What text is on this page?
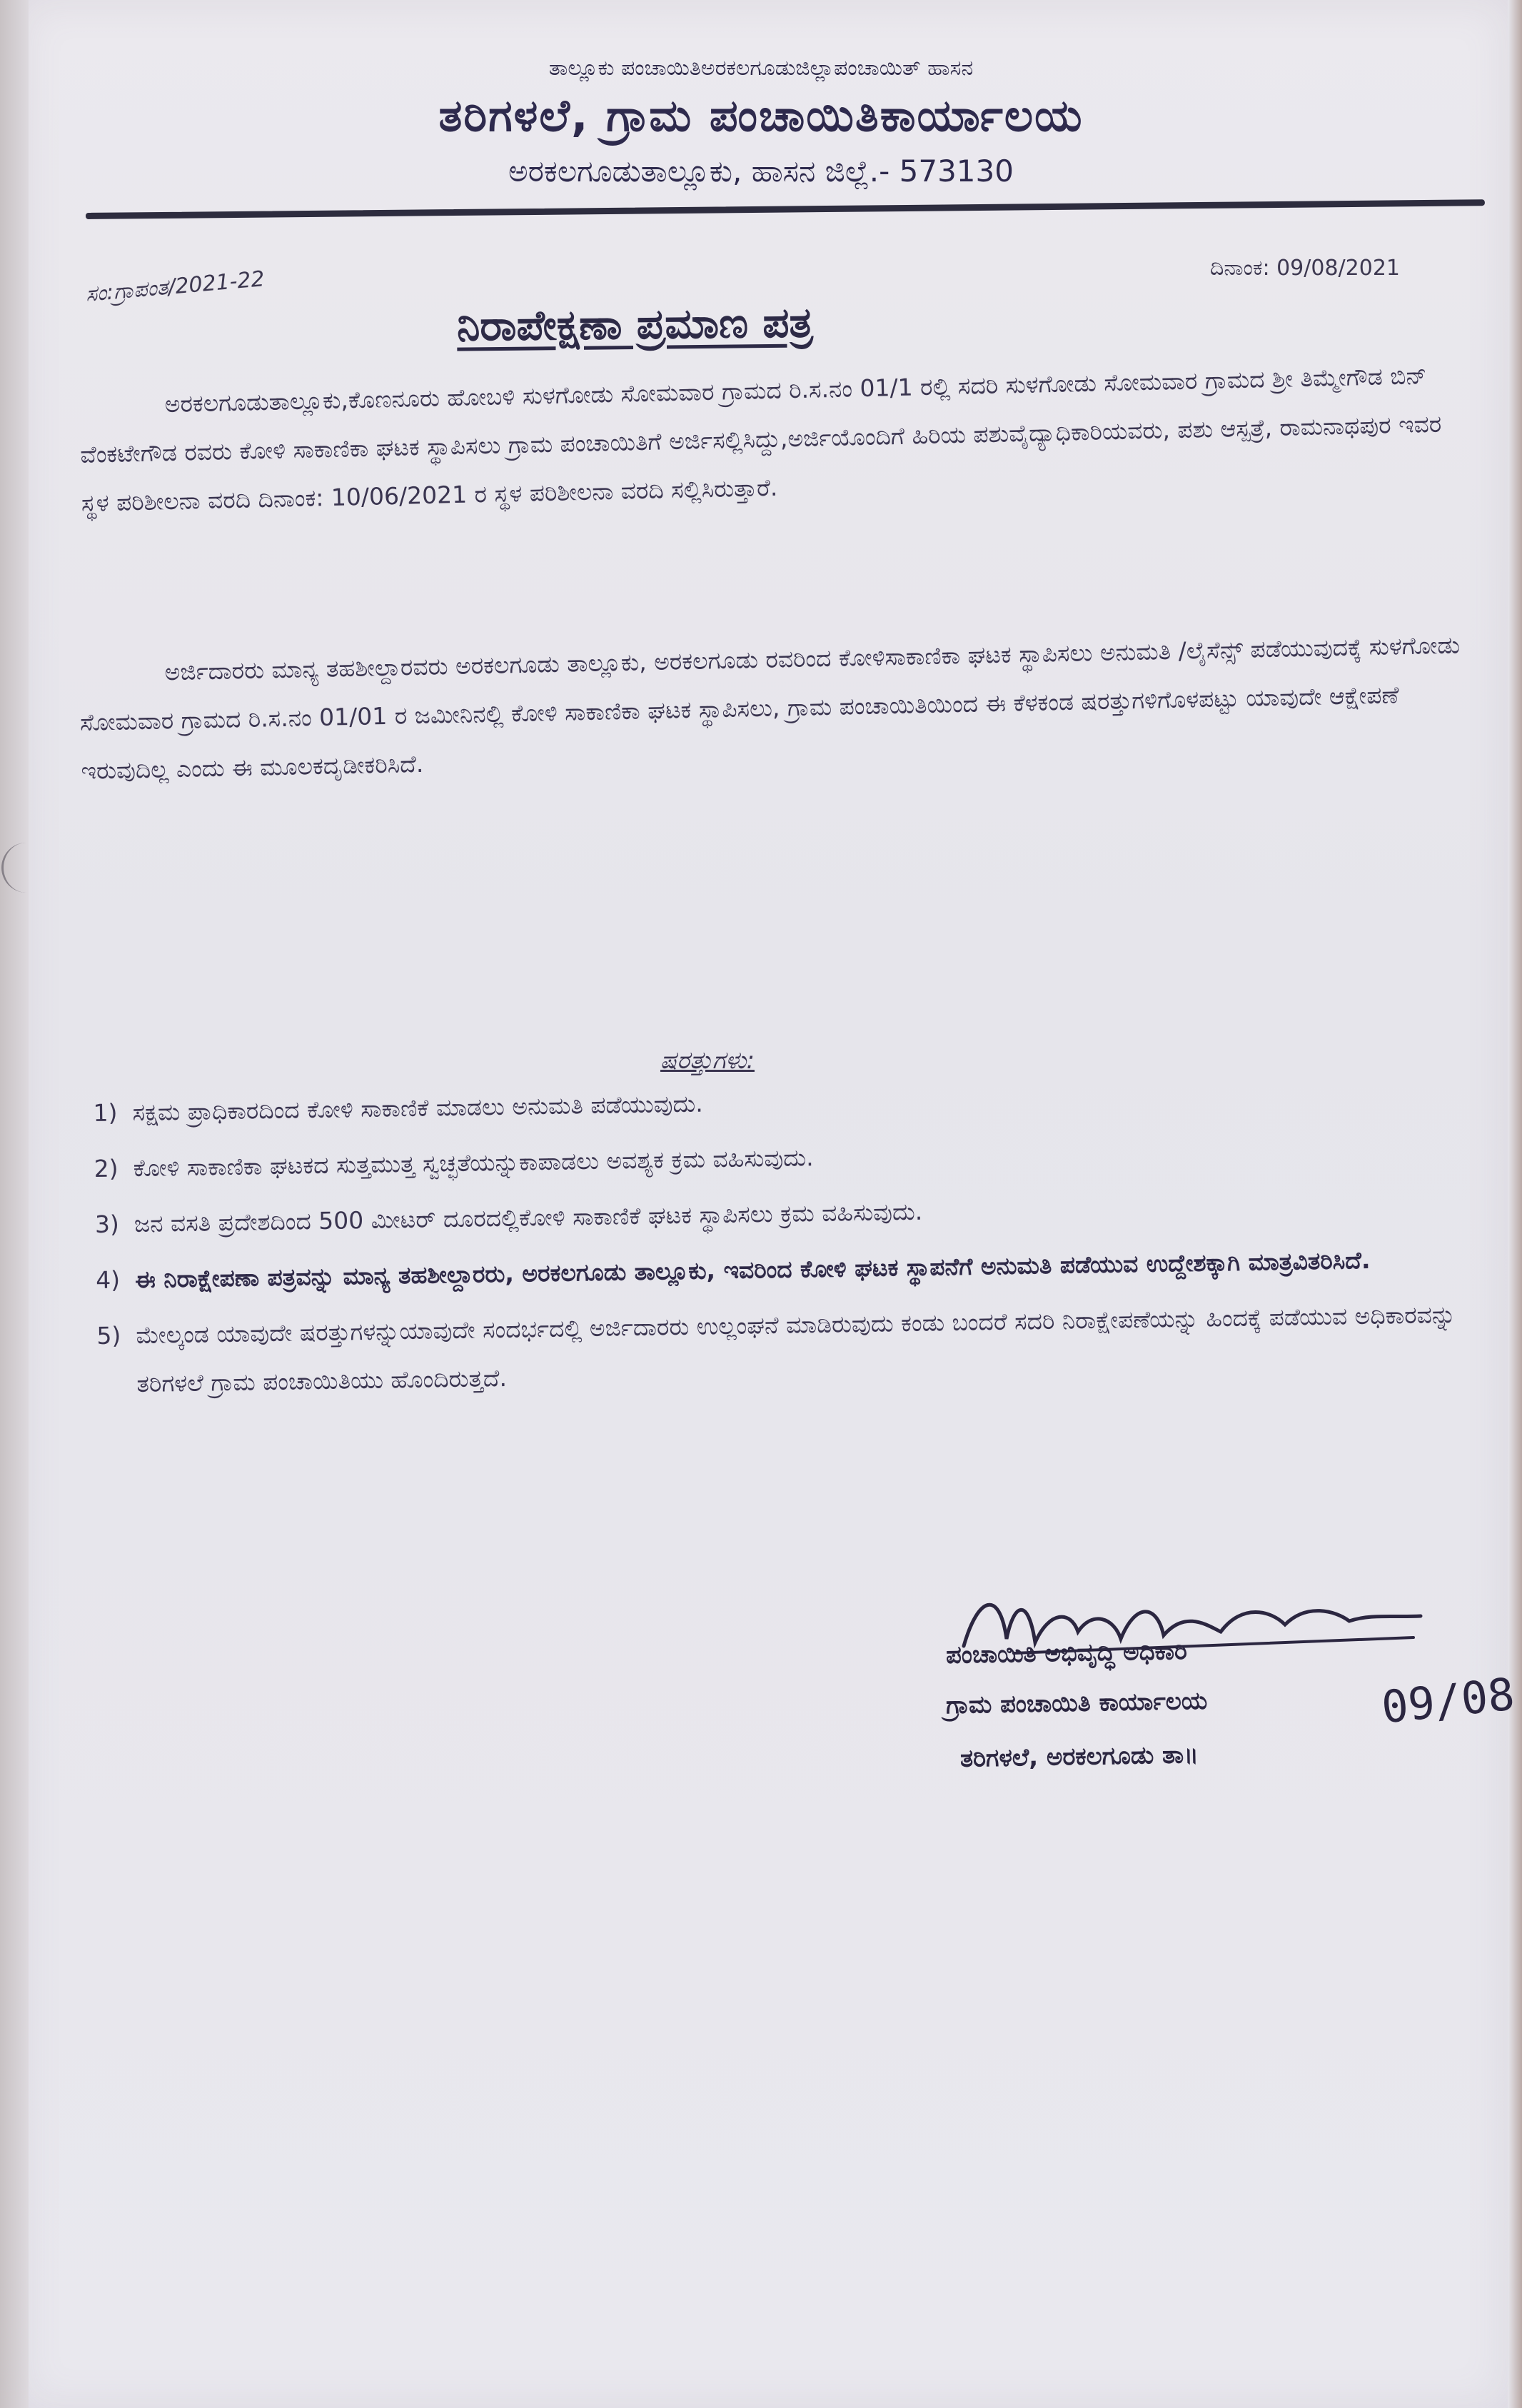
ತಾಲ್ಲೂಕು ಪಂಚಾಯಿತಿಅರಕಲಗೂಡುಜಿಲ್ಲಾಪಂಚಾಯಿತ್ ಹಾಸನ
ತರಿಗಳಲೆ, ಗ್ರಾಮ ಪಂಚಾಯಿತಿಕಾರ್ಯಾಲಯ
ಅರಕಲಗೂಡುತಾಲ್ಲೂಕು, ಹಾಸನ ಜಿಲ್ಲೆ.- 573130
ಸಂ:ಗ್ರಾಪಂತ/2021-22	ದಿನಾಂಕ: 09/08/2021
ನಿರಾಪೇಕ್ಷಣಾ ಪ್ರಮಾಣ ಪತ್ರ
ಅರಕಲಗೂಡುತಾಲ್ಲೂಕು,ಕೊಣನೂರು ಹೋಬಳಿ ಸುಳಗೋಡು ಸೋಮವಾರ ಗ್ರಾಮದ ರಿ.ಸ.ನಂ 01/1 ರಲ್ಲಿ ಸದರಿ ಸುಳಗೋಡು ಸೋಮವಾರ ಗ್ರಾಮದ ಶ್ರೀ ತಿಮ್ಮೇಗೌಡ ಬಿನ್ ವೆಂಕಟೇಗೌಡ ರವರು ಕೋಳಿ ಸಾಕಾಣಿಕಾ ಘಟಕ ಸ್ಥಾಪಿಸಲು ಗ್ರಾಮ ಪಂಚಾಯಿತಿಗೆ ಅರ್ಜಿಸಲ್ಲಿಸಿದ್ದು,ಅರ್ಜಿಯೊಂದಿಗೆ ಹಿರಿಯ ಪಶುವೈದ್ಯಾಧಿಕಾರಿಯವರು, ಪಶು ಆಸ್ಪತ್ರೆ, ರಾಮನಾಥಪುರ ಇವರ ಸ್ಥಳ ಪರಿಶೀಲನಾ ವರದಿ ದಿನಾಂಕ: 10/06/2021 ರ ಸ್ಥಳ ಪರಿಶೀಲನಾ ವರದಿ ಸಲ್ಲಿಸಿರುತ್ತಾರೆ.
ಅರ್ಜಿದಾರರು ಮಾನ್ಯ ತಹಶೀಲ್ದಾರವರು ಅರಕಲಗೂಡು ತಾಲ್ಲೂಕು, ಅರಕಲಗೂಡು ರವರಿಂದ ಕೋಳಿಸಾಕಾಣಿಕಾ ಘಟಕ ಸ್ಥಾಪಿಸಲು ಅನುಮತಿ /ಲೈಸೆನ್ಸ್ ಪಡೆಯುವುದಕ್ಕೆ ಸುಳಗೋಡು ಸೋಮವಾರ ಗ್ರಾಮದ ರಿ.ಸ.ನಂ 01/01 ರ ಜಮೀನಿನಲ್ಲಿ ಕೋಳಿ ಸಾಕಾಣಿಕಾ ಘಟಕ ಸ್ಥಾಪಿಸಲು, ಗ್ರಾಮ ಪಂಚಾಯಿತಿಯಿಂದ ಈ ಕೆಳಕಂಡ ಷರತ್ತುಗಳಿಗೊಳಪಟ್ಟು ಯಾವುದೇ ಆಕ್ಷೇಪಣೆ ಇರುವುದಿಲ್ಲ ಎಂದು ಈ ಮೂಲಕದೃಡೀಕರಿಸಿದೆ.
ಷರತ್ತುಗಳು:
1) ಸಕ್ಷಮ ಪ್ರಾಧಿಕಾರದಿಂದ ಕೋಳಿ ಸಾಕಾಣಿಕೆ ಮಾಡಲು ಅನುಮತಿ ಪಡೆಯುವುದು.
2) ಕೋಳಿ ಸಾಕಾಣಿಕಾ ಘಟಕದ ಸುತ್ತಮುತ್ತ ಸ್ವಚ್ಛತೆಯನ್ನುಕಾಪಾಡಲು ಅವಶ್ಯಕ ಕ್ರಮ ವಹಿಸುವುದು.
3) ಜನ ವಸತಿ ಪ್ರದೇಶದಿಂದ 500 ಮೀಟರ್ ದೂರದಲ್ಲಿಕೋಳಿ ಸಾಕಾಣಿಕೆ ಘಟಕ ಸ್ಥಾಪಿಸಲು ಕ್ರಮ ವಹಿಸುವುದು.
4) ಈ ನಿರಾಕ್ಷೇಪಣಾ ಪತ್ರವನ್ನು ಮಾನ್ಯ ತಹಶೀಲ್ದಾರರು, ಅರಕಲಗೂಡು ತಾಲ್ಲೂಕು, ಇವರಿಂದ ಕೋಳಿ ಘಟಕ ಸ್ಥಾಪನೆಗೆ ಅನುಮತಿ ಪಡೆಯುವ ಉದ್ದೇಶಕ್ಕಾಗಿ ಮಾತ್ರವಿತರಿಸಿದೆ.
5) ಮೇಲ್ಕಂಡ ಯಾವುದೇ ಷರತ್ತುಗಳನ್ನುಯಾವುದೇ ಸಂದರ್ಭದಲ್ಲಿ ಅರ್ಜಿದಾರರು ಉಲ್ಲಂಘನೆ ಮಾಡಿರುವುದು ಕಂಡು ಬಂದರೆ ಸದರಿ ನಿರಾಕ್ಷೇಪಣೆಯನ್ನು ಹಿಂದಕ್ಕೆ ಪಡೆಯುವ ಅಧಿಕಾರವನ್ನು ತರಿಗಳಲೆ ಗ್ರಾಮ ಪಂಚಾಯಿತಿಯು ಹೊಂದಿರುತ್ತದೆ.
ಪಂಚಾಯಿತಿ ಅಭಿವೃದ್ಧಿ ಅಧಿಕಾರಿ
ಗ್ರಾಮ ಪಂಚಾಯಿತಿ ಕಾರ್ಯಾಲಯ
ತರಿಗಳಲೆ, ಅರಕಲಗೂಡು ತಾ॥
09/08
